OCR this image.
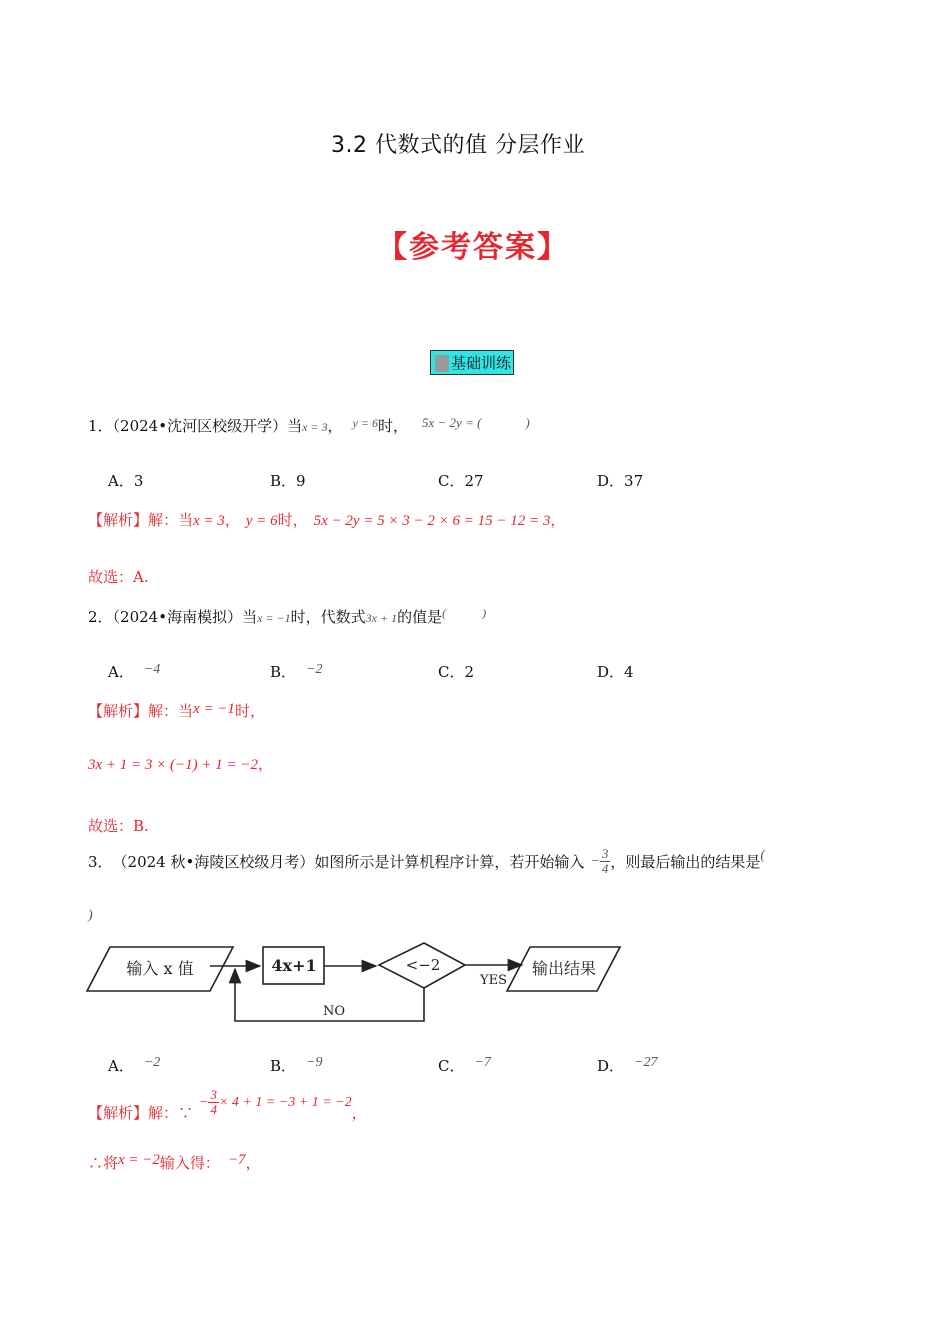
3.2 代数式的值 分层作业
【参考答案】
基础训练
1．（2024•沈河区校级开学）当x = 3， $^{y = 6}$时， 5x − 2y = (	)
A．3	B．9	C．27	D．37
【解析】解：当x = 3， y = 6时， 5x − 2y = 5 × 3 − 2 × 6 = 15 − 12 = 3，
故选：A.
2．（2024•海南模拟）当x = −1时，代数式3x + 1的值是(	)
A． −4	B． −2	C．2	D．4
【解析】解：当x = −1时，
3x + 1 = 3 × (−1) + 1 = −2，
故选：B.
3．（2024 秋•海陵区校级月考）如图所示是计算机程序计算，若开始输入 − $\frac{3}{4}$ ，则最后输出的结果是(
)
输入 x 值	4x+1	<−2
YES
输出结果
NO
A． −2	B． −9	C． −7	D． −27
【解析】解：∵− $\frac{3}{4} \times 4 + 1 = -3 + 1 = -2$，
∴将x = −2输入得： −7，
